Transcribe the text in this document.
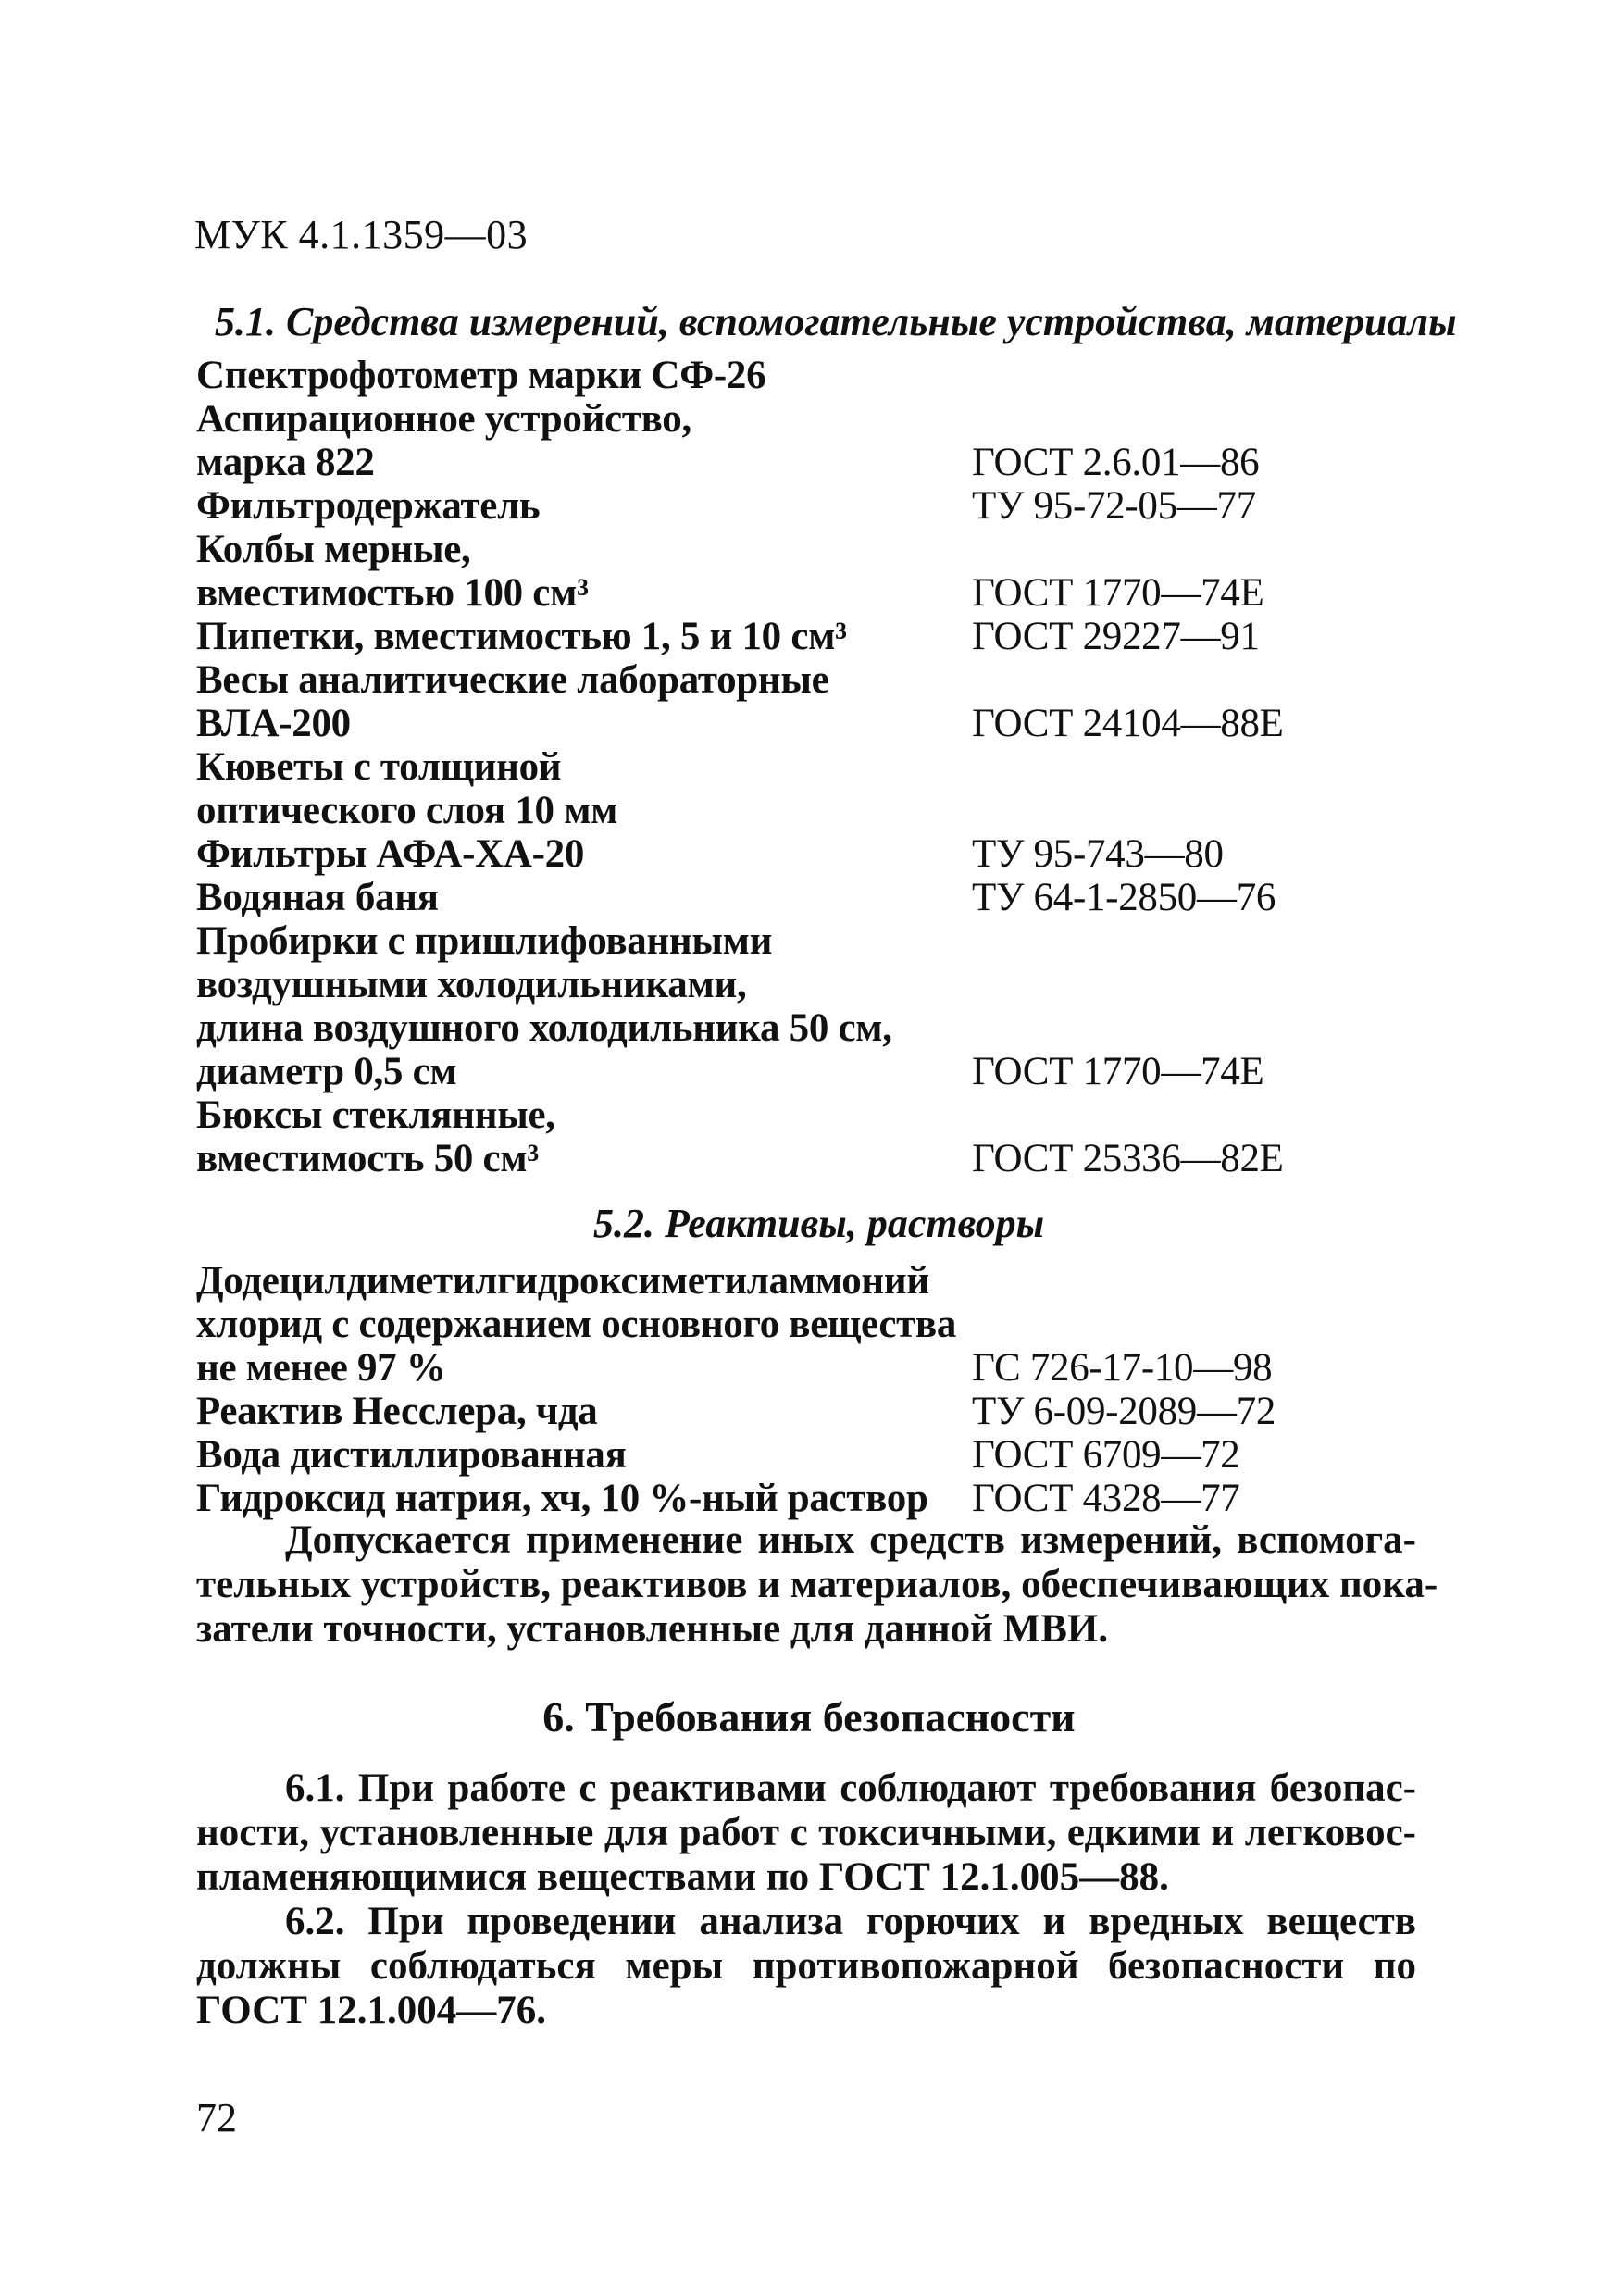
МУК 4.1.1359—03
5.1. Средства измерений, вспомогательные устройства, материалы
Спектрофотометр марки СФ-26
Аспирационное устройство,
марка 822	ГОСТ 2.6.01—86
Фильтродержатель	ТУ 95-72-05—77
Колбы мерные,
вместимостью 100 см³	ГОСТ 1770—74Е
Пипетки, вместимостью 1, 5 и 10 см³	ГОСТ 29227—91
Весы аналитические лабораторные
ВЛА-200	ГОСТ 24104—88Е
Кюветы с толщиной
оптического слоя 10 мм
Фильтры АФА-ХА-20	ТУ 95-743—80
Водяная баня	ТУ 64-1-2850—76
Пробирки с пришлифованными
воздушными холодильниками,
длина воздушного холодильника 50 см,
диаметр 0,5 см	ГОСТ 1770—74Е
Бюксы стеклянные,
вместимость 50 см³	ГОСТ 25336—82Е
5.2. Реактивы, растворы
Додецилдиметилгидроксиметиламмоний
хлорид с содержанием основного вещества
не менее 97 %	ГС 726-17-10—98
Реактив Несслера, чда	ТУ 6-09-2089—72
Вода дистиллированная	ГОСТ 6709—72
Гидроксид натрия, хч, 10 %-ный раствор ГОСТ 4328—77
Допускается применение иных средств измерений, вспомога-
тельных устройств, реактивов и материалов, обеспечивающих пока-
затели точности, установленные для данной МВИ.
6. Требования безопасности
6.1. При работе с реактивами соблюдают требования безопас-
ности, установленные для работ с токсичными, едкими и легковос-
пламеняющимися веществами по ГОСТ 12.1.005—88.
6.2. При проведении анализа горючих и вредных веществ
должны соблюдаться меры противопожарной безопасности по
ГОСТ 12.1.004—76.
72
